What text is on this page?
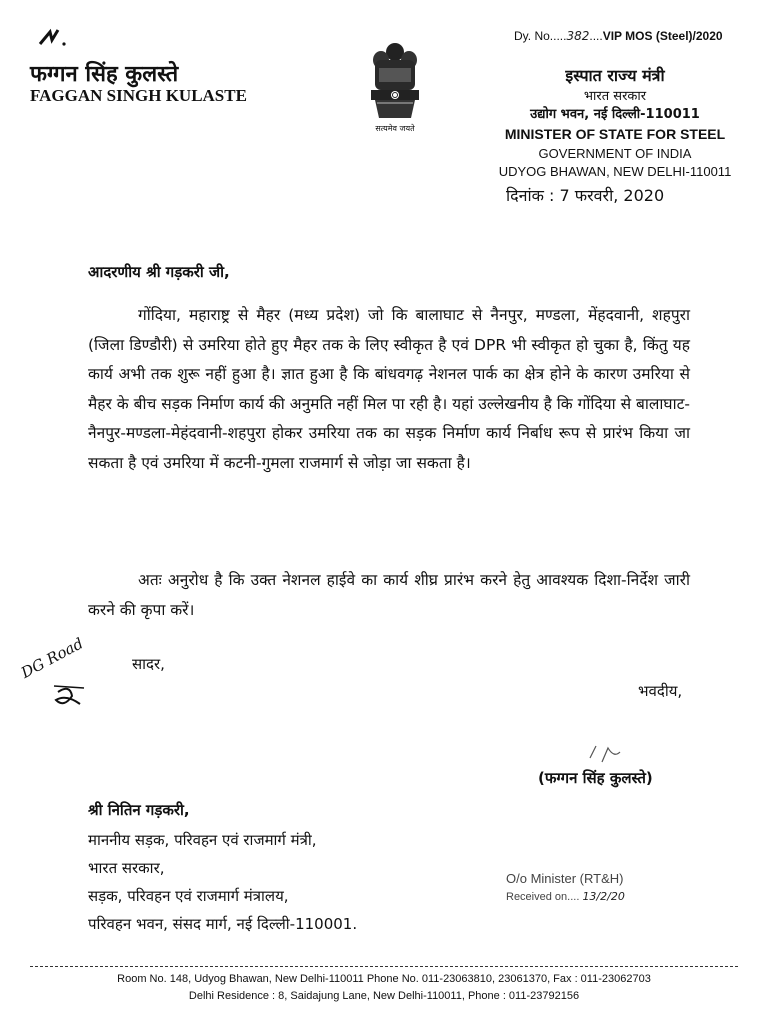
Dy. No.....382....VIP MOS (Steel)/2020
फग्गन सिंह कुलस्ते
FAGGAN SINGH KULASTE
सत्यमेव जयते
इस्पात राज्य मंत्री
भारत सरकार
उद्योग भवन, नई दिल्ली-110011
MINISTER OF STATE FOR STEEL
GOVERNMENT OF INDIA
UDYOG BHAWAN, NEW DELHI-110011
दिनांक : 7 फरवरी, 2020
आदरणीय श्री गड़करी जी,
गोंदिया, महाराष्ट्र से मैहर (मध्य प्रदेश) जो कि बालाघाट से नैनपुर, मण्डला, मेंहदवानी, शहपुरा (जिला डिण्डौरी) से उमरिया होते हुए मैहर तक के लिए स्वीकृत है एवं DPR भी स्वीकृत हो चुका है, किंतु यह कार्य अभी तक शुरू नहीं हुआ है। ज्ञात हुआ है कि बांधवगढ़ नेशनल पार्क का क्षेत्र होने के कारण उमरिया से मैहर के बीच सड़क निर्माण कार्य की अनुमति नहीं मिल पा रही है। यहां उल्लेखनीय है कि गोंदिया से बालाघाट-नैनपुर-मण्डला-मेहंदवानी-शहपुरा होकर उमरिया तक का सड़क निर्माण कार्य निर्बाध रूप से प्रारंभ किया जा सकता है एवं उमरिया में कटनी-गुमला राजमार्ग से जोड़ा जा सकता है।
अतः अनुरोध है कि उक्त नेशनल हाईवे का कार्य शीघ्र प्रारंभ करने हेतु आवश्यक दिशा-निर्देश जारी करने की कृपा करें।
DG Road	सादर,
भवदीय,
(फग्गन सिंह कुलस्ते)
श्री नितिन गड़करी,
माननीय सड़क, परिवहन एवं राजमार्ग मंत्री,
भारत सरकार,
सड़क, परिवहन एवं राजमार्ग मंत्रालय,
परिवहन भवन, संसद मार्ग, नई दिल्ली-110001.
O/o Minister (RT&H)
Received on.... 13/2/20
Room No. 148, Udyog Bhawan, New Delhi-110011 Phone No. 011-23063810, 23061370, Fax : 011-23062703
Delhi Residence : 8, Saidajung Lane, New Delhi-110011, Phone : 011-23792156
